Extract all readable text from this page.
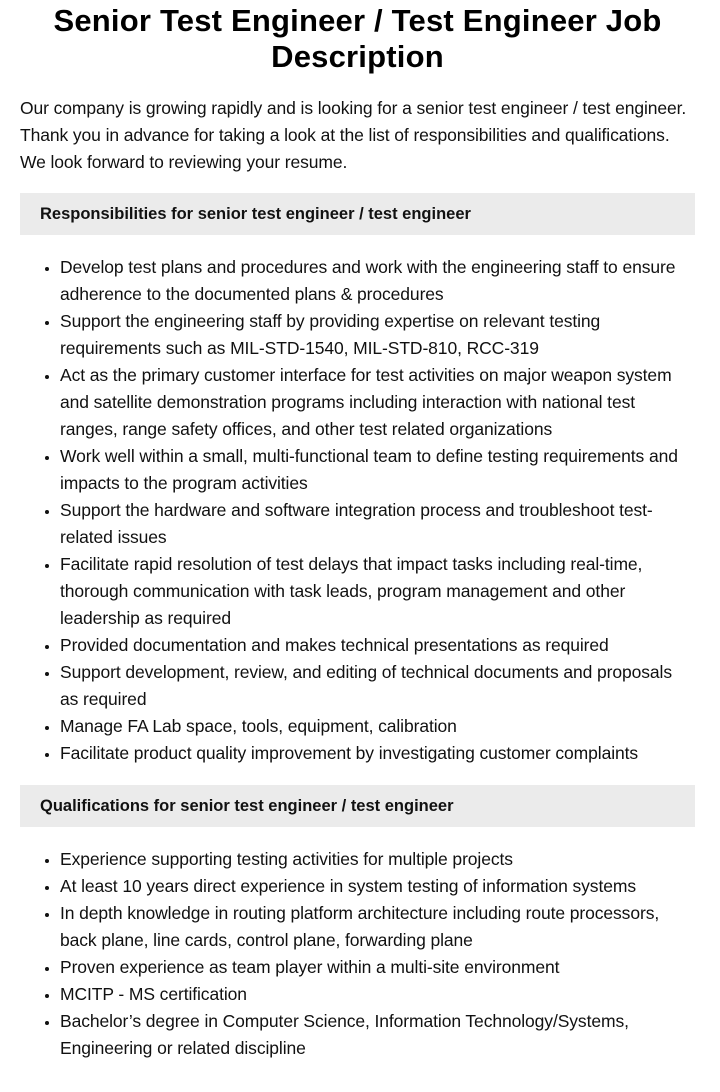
Senior Test Engineer / Test Engineer Job Description

Our company is growing rapidly and is looking for a senior test engineer / test engineer. Thank you in advance for taking a look at the list of responsibilities and qualifications. We look forward to reviewing your resume.

Responsibilities for senior test engineer / test engineer
• Develop test plans and procedures and work with the engineering staff to ensure adherence to the documented plans & procedures
• Support the engineering staff by providing expertise on relevant testing requirements such as MIL-STD-1540, MIL-STD-810, RCC-319
• Act as the primary customer interface for test activities on major weapon system and satellite demonstration programs including interaction with national test ranges, range safety offices, and other test related organizations
• Work well within a small, multi-functional team to define testing requirements and impacts to the program activities
• Support the hardware and software integration process and troubleshoot test-related issues
• Facilitate rapid resolution of test delays that impact tasks including real-time, thorough communication with task leads, program management and other leadership as required
• Provided documentation and makes technical presentations as required
• Support development, review, and editing of technical documents and proposals as required
• Manage FA Lab space, tools, equipment, calibration
• Facilitate product quality improvement by investigating customer complaints
Qualifications for senior test engineer / test engineer
• Experience supporting testing activities for multiple projects
• At least 10 years direct experience in system testing of information systems
• In depth knowledge in routing platform architecture including route processors, back plane, line cards, control plane, forwarding plane
• Proven experience as team player within a multi-site environment
• MCITP - MS certification
• Bachelor’s degree in Computer Science, Information Technology/Systems, Engineering or related discipline
